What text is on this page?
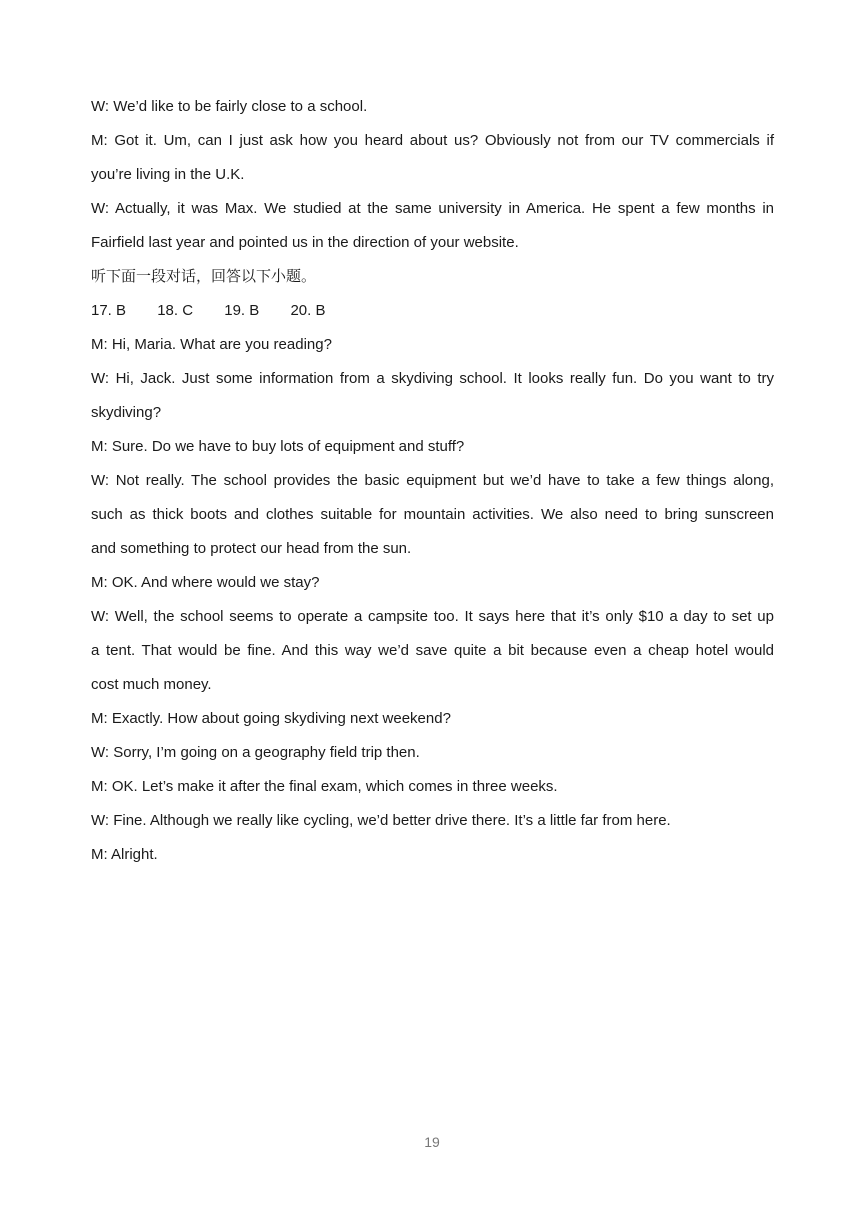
W: We’d like to be fairly close to a school.
M: Got it. Um, can I just ask how you heard about us? Obviously not from our TV commercials if
you’re living in the U.K.
W: Actually, it was Max. We studied at the same university in America. He spent a few months in
Fairfield last year and pointed us in the direction of your website.
听下面一段对话，回答以下小题。
17. B 18. C 19. B 20. B
M: Hi, Maria. What are you reading?
W: Hi, Jack. Just some information from a skydiving school. It looks really fun. Do you want to try
skydiving?
M: Sure. Do we have to buy lots of equipment and stuff?
W: Not really. The school provides the basic equipment but we’d have to take a few things along,
such as thick boots and clothes suitable for mountain activities. We also need to bring sunscreen
and something to protect our head from the sun.
M: OK. And where would we stay?
W: Well, the school seems to operate a campsite too. It says here that it’s only $10 a day to set up
a tent. That would be fine. And this way we’d save quite a bit because even a cheap hotel would
cost much money.
M: Exactly. How about going skydiving next weekend?
W: Sorry, I’m going on a geography field trip then.
M: OK. Let’s make it after the final exam, which comes in three weeks.
W: Fine. Although we really like cycling, we’d better drive there. It’s a little far from here.
M: Alright.
19
